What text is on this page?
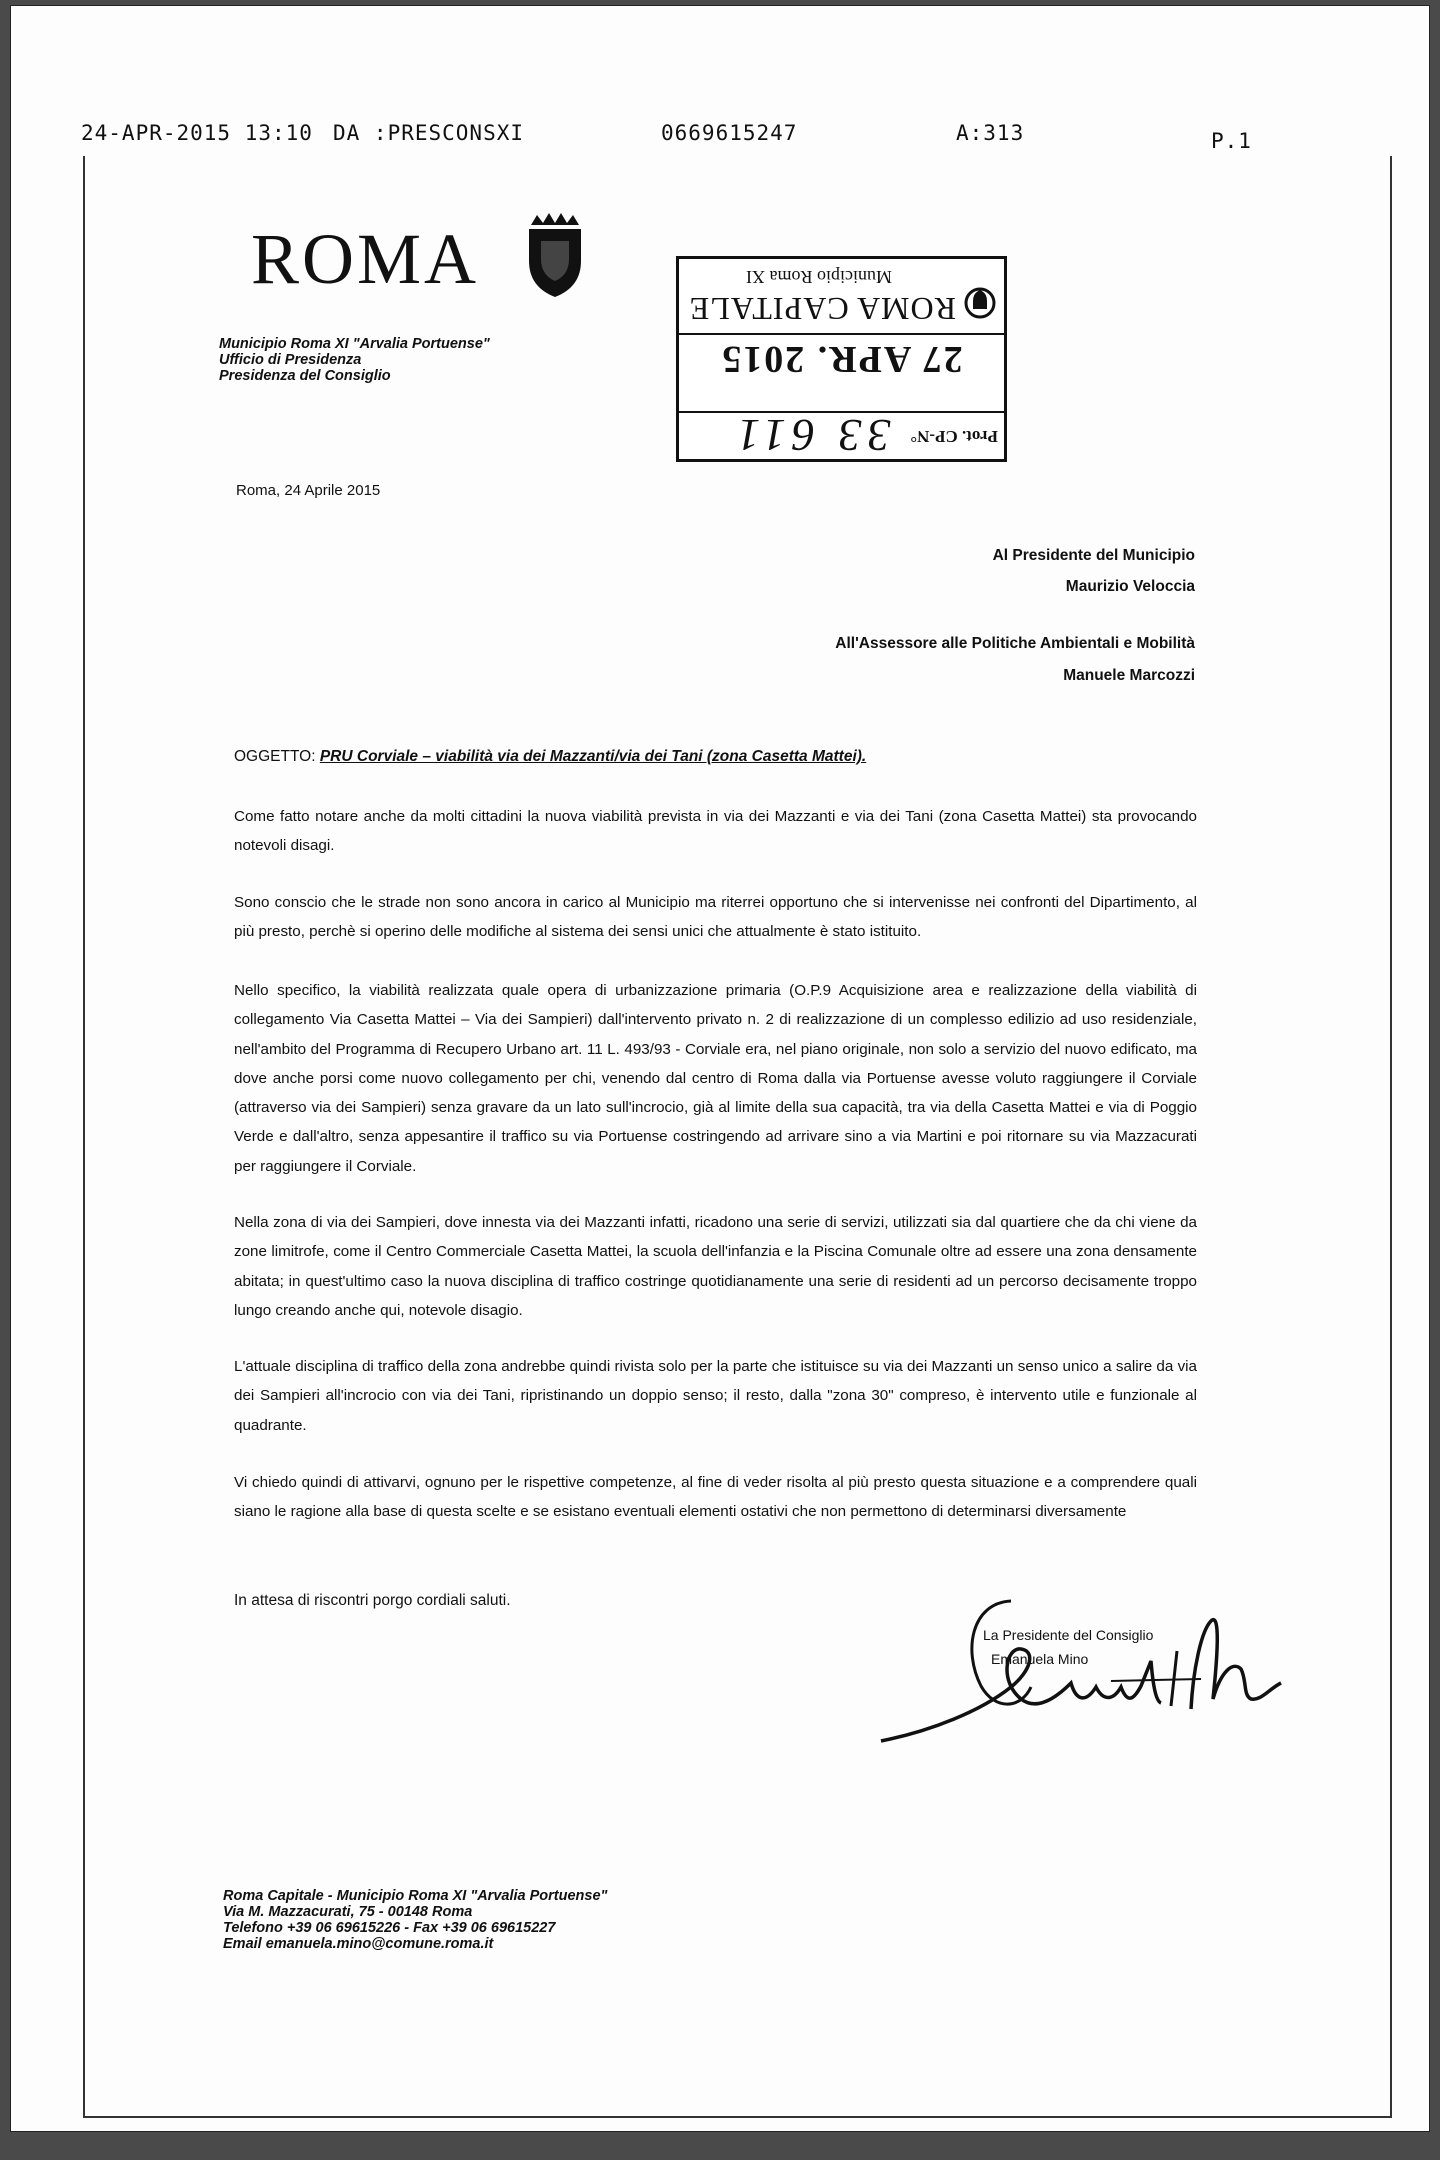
24-APR-2015 13:10 DA :PRESCONSXI	0669615247	A:313	P.1
ROMA
Municipio Roma XI "Arvalia Portuense"
Ufficio di Presidenza
Presidenza del Consiglio
Prot. CP-N°
33 611
27 APR. 2015
ROMA CAPITALE
Municipio Roma XI
Roma, 24 Aprile 2015
Al Presidente del Municipio
Maurizio Veloccia
All'Assessore alle Politiche Ambientali e Mobilità
Manuele Marcozzi
OGGETTO: PRU Corviale – viabilità via dei Mazzanti/via dei Tani (zona Casetta Mattei).
Come fatto notare anche da molti cittadini la nuova viabilità prevista in via dei Mazzanti e via dei Tani (zona Casetta Mattei) sta provocando notevoli disagi.
Sono conscio che le strade non sono ancora in carico al Municipio ma riterrei opportuno che si intervenisse nei confronti del Dipartimento, al più presto, perchè si operino delle modifiche al sistema dei sensi unici che attualmente è stato istituito.
Nello specifico, la viabilità realizzata quale opera di urbanizzazione primaria (O.P.9 Acquisizione area e realizzazione della viabilità di collegamento Via Casetta Mattei – Via dei Sampieri) dall'intervento privato n. 2 di realizzazione di un complesso edilizio ad uso residenziale, nell'ambito del Programma di Recupero Urbano art. 11 L. 493/93 - Corviale era, nel piano originale, non solo a servizio del nuovo edificato, ma dove anche porsi come nuovo collegamento per chi, venendo dal centro di Roma dalla via Portuense avesse voluto raggiungere il Corviale (attraverso via dei Sampieri) senza gravare da un lato sull'incrocio, già al limite della sua capacità, tra via della Casetta Mattei e via di Poggio Verde e dall'altro, senza appesantire il traffico su via Portuense costringendo ad arrivare sino a via Martini e poi ritornare su via Mazzacurati per raggiungere il Corviale.
Nella zona di via dei Sampieri, dove innesta via dei Mazzanti infatti, ricadono una serie di servizi, utilizzati sia dal quartiere che da chi viene da zone limitrofe, come il Centro Commerciale Casetta Mattei, la scuola dell'infanzia e la Piscina Comunale oltre ad essere una zona densamente abitata; in quest'ultimo caso la nuova disciplina di traffico costringe quotidianamente una serie di residenti ad un percorso decisamente troppo lungo creando anche qui, notevole disagio.
L'attuale disciplina di traffico della zona andrebbe quindi rivista solo per la parte che istituisce su via dei Mazzanti un senso unico a salire da via dei Sampieri all'incrocio con via dei Tani, ripristinando un doppio senso; il resto, dalla "zona 30" compreso, è intervento utile e funzionale al quadrante.
Vi chiedo quindi di attivarvi, ognuno per le rispettive competenze, al fine di veder risolta al più presto questa situazione e a comprendere quali siano le ragione alla base di questa scelte e se esistano eventuali elementi ostativi che non permettono di determinarsi diversamente
In attesa di riscontri porgo cordiali saluti.
La Presidente del Consiglio
Emanuela Mino
Roma Capitale - Municipio Roma XI "Arvalia Portuense"
Via M. Mazzacurati, 75 - 00148 Roma
Telefono +39 06 69615226 - Fax +39 06 69615227
Email emanuela.mino@comune.roma.it
